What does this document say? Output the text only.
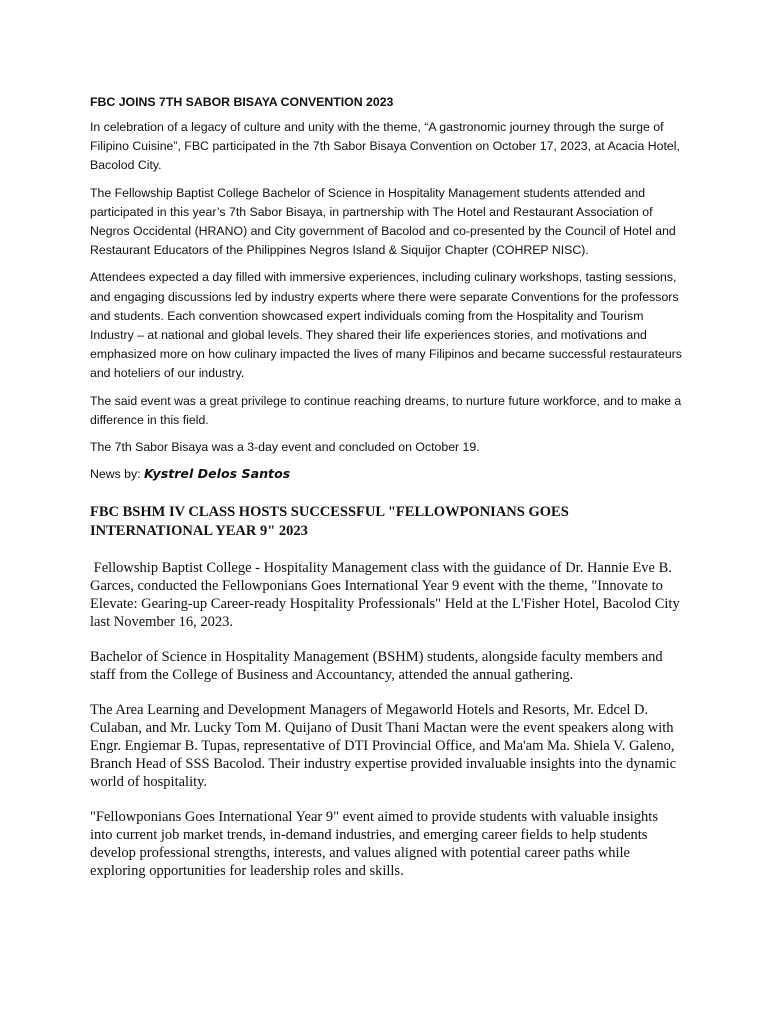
FBC JOINS 7TH SABOR BISAYA CONVENTION 2023

In celebration of a legacy of culture and unity with the theme, “A gastronomic journey through the surge of Filipino Cuisine”, FBC participated in the 7th Sabor Bisaya Convention on October 17, 2023, at Acacia Hotel, Bacolod City.

The Fellowship Baptist College Bachelor of Science in Hospitality Management students attended and participated in this year’s 7th Sabor Bisaya, in partnership with The Hotel and Restaurant Association of Negros Occidental (HRANO) and City government of Bacolod and co-presented by the Council of Hotel and Restaurant Educators of the Philippines Negros Island & Siquijor Chapter (COHREP NISC).

Attendees expected a day filled with immersive experiences, including culinary workshops, tasting sessions, and engaging discussions led by industry experts where there were separate Conventions for the professors and students. Each convention showcased expert individuals coming from the Hospitality and Tourism Industry – at national and global levels. They shared their life experiences stories, and motivations and emphasized more on how culinary impacted the lives of many Filipinos and became successful restaurateurs and hoteliers of our industry.

The said event was a great privilege to continue reaching dreams, to nurture future workforce, and to make a difference in this field.

The 7th Sabor Bisaya was a 3-day event and concluded on October 19.

News by: Kystrel Delos Santos

FBC BSHM IV CLASS HOSTS SUCCESSFUL "FELLOWPONIANS GOES INTERNATIONAL YEAR 9" 2023

Fellowship Baptist College - Hospitality Management class with the guidance of Dr. Hannie Eve B. Garces, conducted the Fellowponians Goes International Year 9 event with the theme, "Innovate to Elevate: Gearing-up Career-ready Hospitality Professionals" Held at the L'Fisher Hotel, Bacolod City last November 16, 2023.

Bachelor of Science in Hospitality Management (BSHM) students, alongside faculty members and staff from the College of Business and Accountancy, attended the annual gathering.

The Area Learning and Development Managers of Megaworld Hotels and Resorts, Mr. Edcel D. Culaban, and Mr. Lucky Tom M. Quijano of Dusit Thani Mactan were the event speakers along with Engr. Engiemar B. Tupas, representative of DTI Provincial Office, and Ma'am Ma. Shiela V. Galeno, Branch Head of SSS Bacolod. Their industry expertise provided invaluable insights into the dynamic world of hospitality.

"Fellowponians Goes International Year 9" event aimed to provide students with valuable insights into current job market trends, in-demand industries, and emerging career fields to help students develop professional strengths, interests, and values aligned with potential career paths while exploring opportunities for leadership roles and skills.
